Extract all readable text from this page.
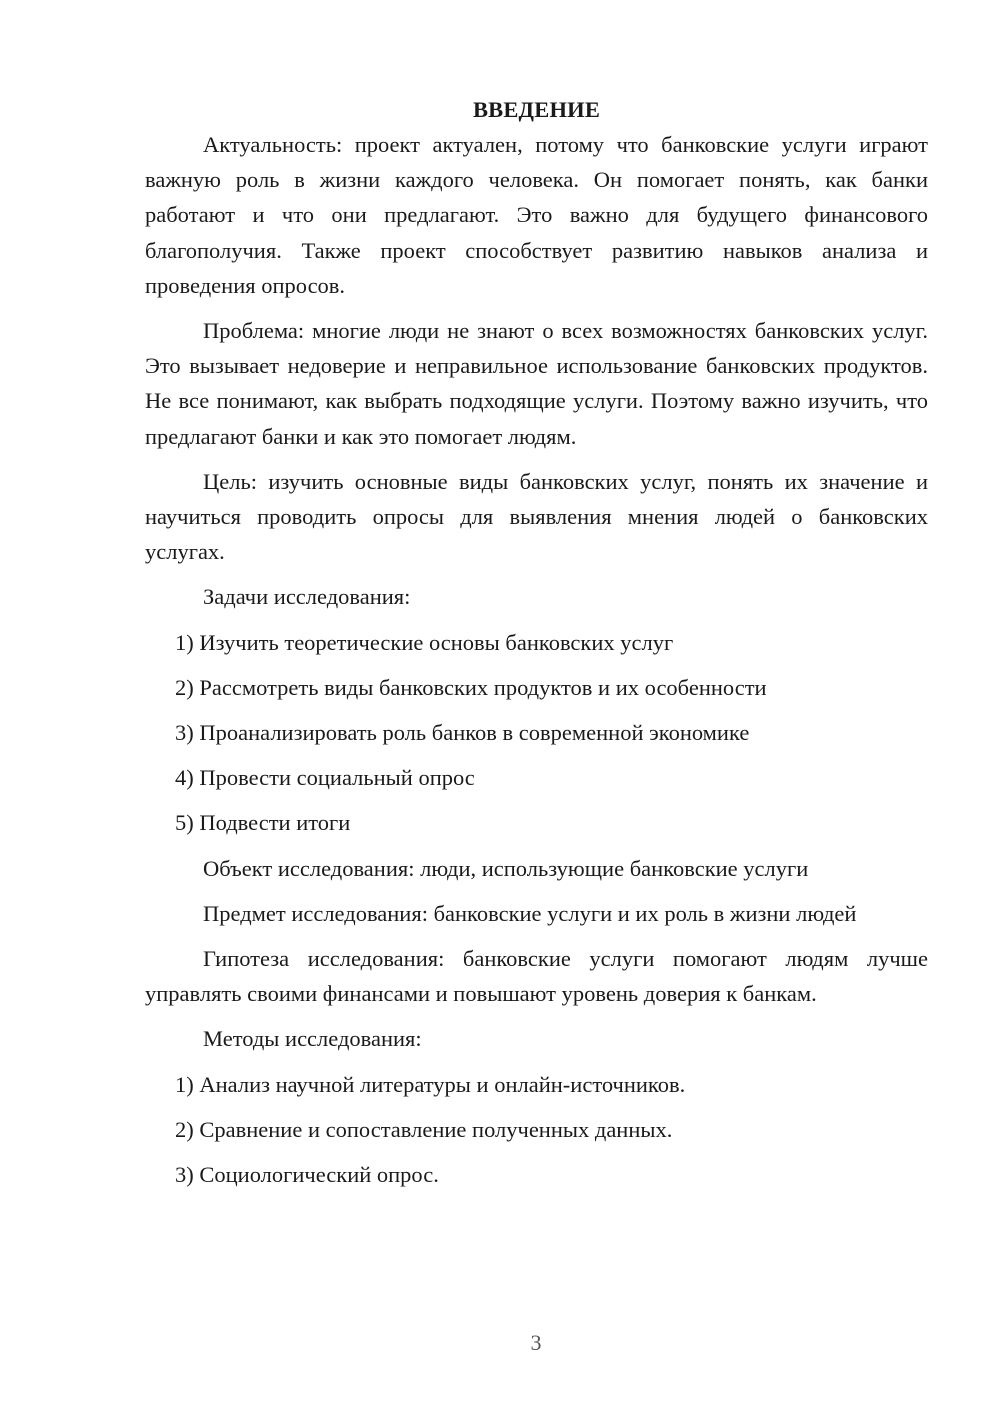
ВВЕДЕНИЕ

Актуальность: проект актуален, потому что банковские услуги играют важную роль в жизни каждого человека. Он помогает понять, как банки работают и что они предлагают. Это важно для будущего финансового благополучия. Также проект способствует развитию навыков анализа и проведения опросов.

Проблема: многие люди не знают о всех возможностях банковских услуг. Это вызывает недоверие и неправильное использование банковских продуктов. Не все понимают, как выбрать подходящие услуги. Поэтому важно изучить, что предлагают банки и как это помогает людям.

Цель: изучить основные виды банковских услуг, понять их значение и научиться проводить опросы для выявления мнения людей о банковских услугах.

Задачи исследования:

1) Изучить теоретические основы банковских услуг

2) Рассмотреть виды банковских продуктов и их особенности

3) Проанализировать роль банков в современной экономике

4) Провести социальный опрос

5) Подвести итоги

Объект исследования: люди, использующие банковские услуги

Предмет исследования: банковские услуги и их роль в жизни людей

Гипотеза исследования: банковские услуги помогают людям лучше управлять своими финансами и повышают уровень доверия к банкам.

Методы исследования:

1) Анализ научной литературы и онлайн-источников.

2) Сравнение и сопоставление полученных данных.

3) Социологический опрос.

3
